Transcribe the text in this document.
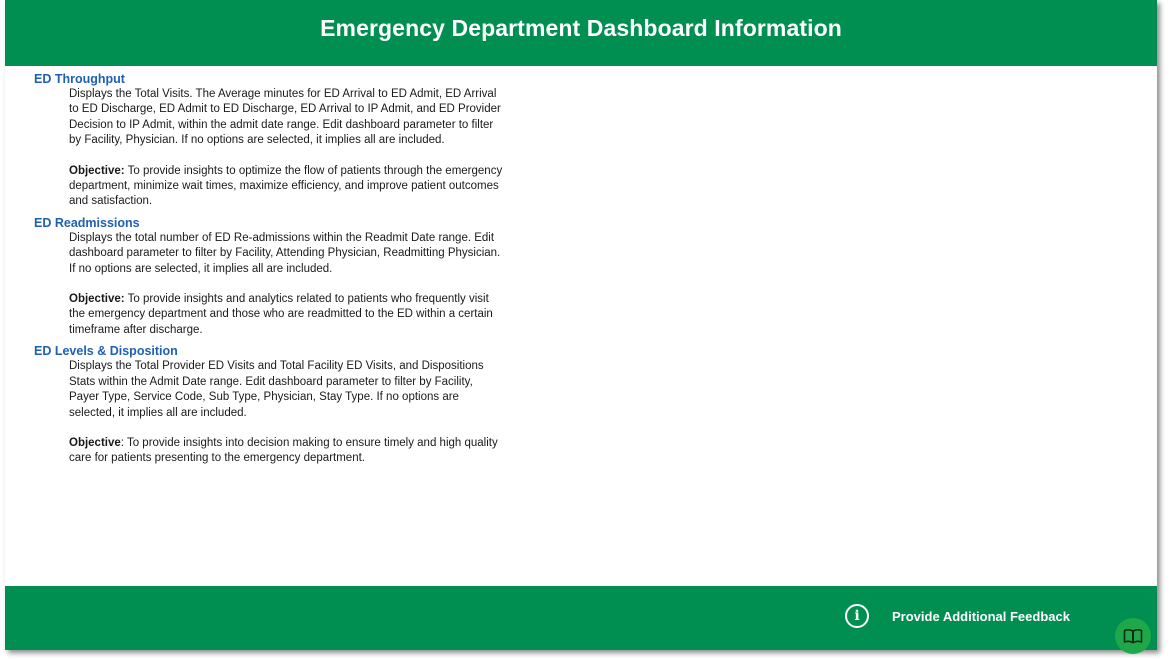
Emergency Department Dashboard Information
ED Throughput

Displays the Total Visits. The Average minutes for ED Arrival to ED Admit, ED Arrival to ED Discharge, ED Admit to ED Discharge, ED Arrival to IP Admit, and ED Provider Decision to IP Admit, within the admit date range. Edit dashboard parameter to filter by Facility, Physician. If no options are selected, it implies all are included.

Objective: To provide insights to optimize the flow of patients through the emergency department, minimize wait times, maximize efficiency, and improve patient outcomes and satisfaction.

ED Readmissions

Displays the total number of ED Re-admissions within the Readmit Date range. Edit dashboard parameter to filter by Facility, Attending Physician, Readmitting Physician. If no options are selected, it implies all are included.

Objective: To provide insights and analytics related to patients who frequently visit the emergency department and those who are readmitted to the ED within a certain timeframe after discharge.

ED Levels & Disposition

Displays the Total Provider ED Visits and Total Facility ED Visits, and Dispositions Stats within the Admit Date range. Edit dashboard parameter to filter by Facility, Payer Type, Service Code, Sub Type, Physician, Stay Type. If no options are selected, it implies all are included.

Objective: To provide insights into decision making to ensure timely and high quality care for patients presenting to the emergency department.

i	Provide Additional Feedback
